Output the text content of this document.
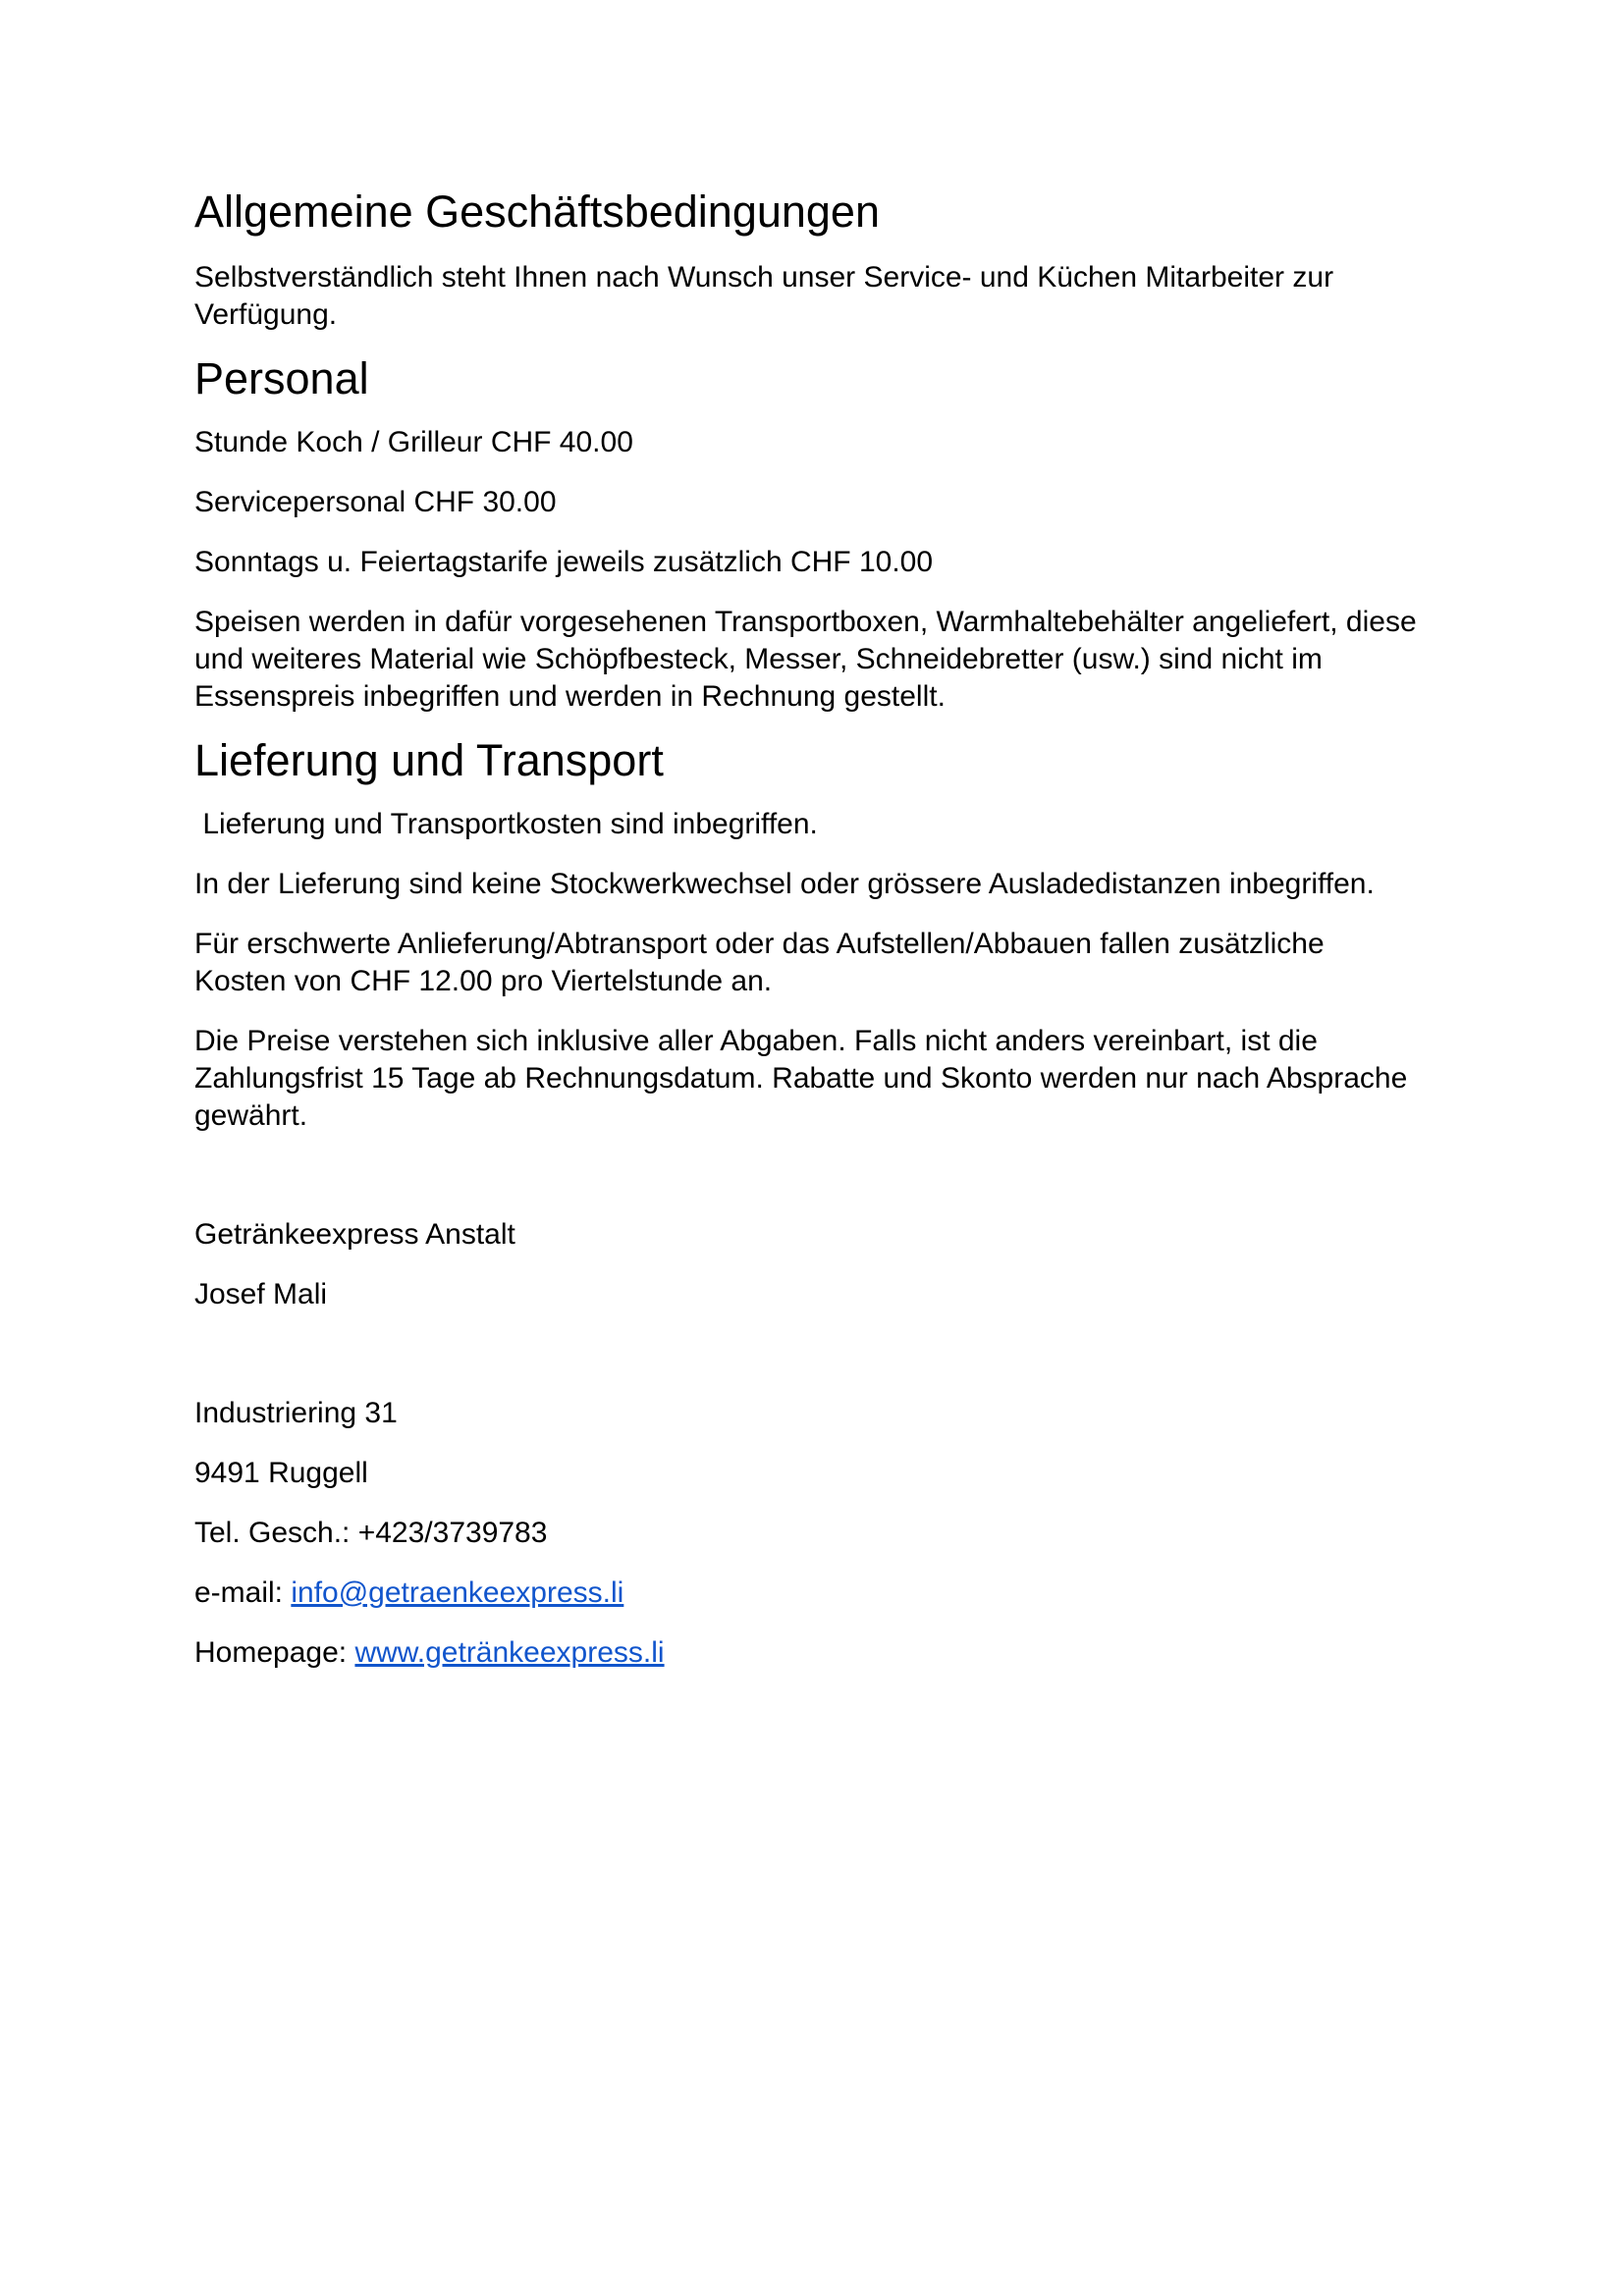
Allgemeine Geschäftsbedingungen

Selbstverständlich steht Ihnen nach Wunsch unser Service- und Küchen Mitarbeiter zur Verfügung.

Personal

Stunde Koch / Grilleur CHF 40.00

Servicepersonal CHF 30.00

Sonntags u. Feiertagstarife jeweils zusätzlich CHF 10.00

Speisen werden in dafür vorgesehenen Transportboxen, Warmhaltebehälter angeliefert, diese und weiteres Material wie Schöpfbesteck, Messer, Schneidebretter (usw.) sind nicht im Essenspreis inbegriffen und werden in Rechnung gestellt.

Lieferung und Transport

Lieferung und Transportkosten sind inbegriffen.

In der Lieferung sind keine Stockwerkwechsel oder grössere Ausladedistanzen inbegriffen.

Für erschwerte Anlieferung/Abtransport oder das Aufstellen/Abbauen fallen zusätzliche Kosten von CHF 12.00 pro Viertelstunde an.

Die Preise verstehen sich inklusive aller Abgaben. Falls nicht anders vereinbart, ist die Zahlungsfrist 15 Tage ab Rechnungsdatum. Rabatte und Skonto werden nur nach Absprache gewährt.

Getränkeexpress Anstalt

Josef Mali

Industriering 31

9491 Ruggell

Tel. Gesch.: +423/3739783

e-mail: info@getraenkeexpress.li

Homepage: www.getränkeexpress.li
